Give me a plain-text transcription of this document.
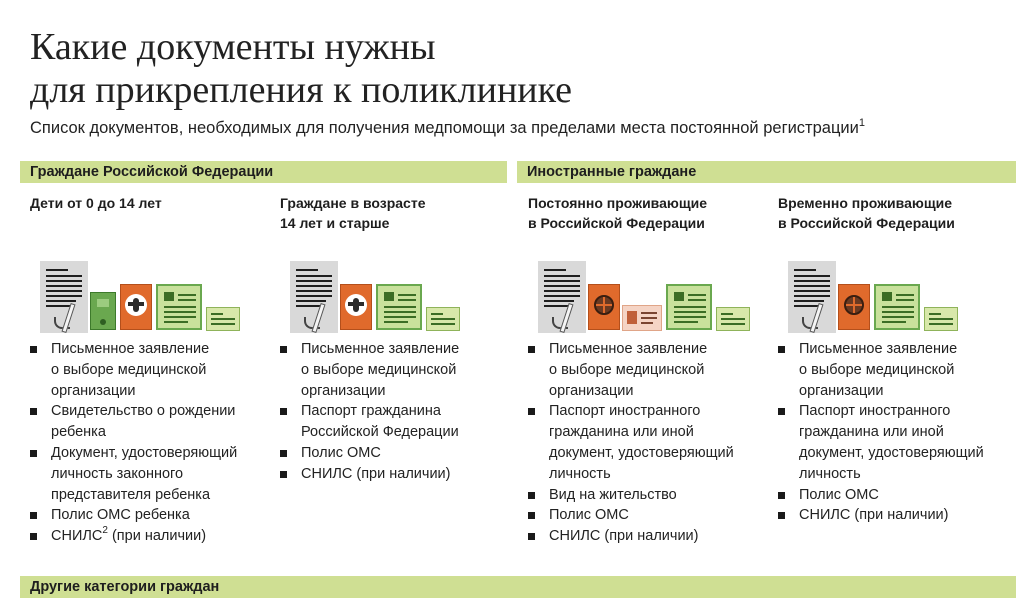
Какие документы нужны
для прикрепления к поликлинике
Список документов, необходимых для получения медпомощи за пределами места постоянной регистрации$^1$
Граждане Российской Федерации	Иностранные граждане
Дети от 0 до 14 лет
Письменное заявление
о выборе медицинской
организации
Свидетельство о рождении
ребенка
Документ, удостоверяющий
личность законного
представителя ребенка
Полис ОМС ребенка
СНИЛС$^2$ (при наличии)
Граждане в возрасте
14 лет и старше
Письменное заявление
о выборе медицинской
организации
Паспорт гражданина
Российской Федерации
Полис ОМС
СНИЛС (при наличии)
Постоянно проживающие
в Российской Федерации
Письменное заявление
о выборе медицинской
организации
Паспорт иностранного
гражданина или иной
документ, удостоверяющий
личность
Вид на жительство
Полис ОМС
СНИЛС (при наличии)
Временно проживающие
в Российской Федерации
Письменное заявление
о выборе медицинской
организации
Паспорт иностранного
гражданина или иной
документ, удостоверяющий
личность
Полис ОМС
СНИЛС (при наличии)
Другие категории граждан
